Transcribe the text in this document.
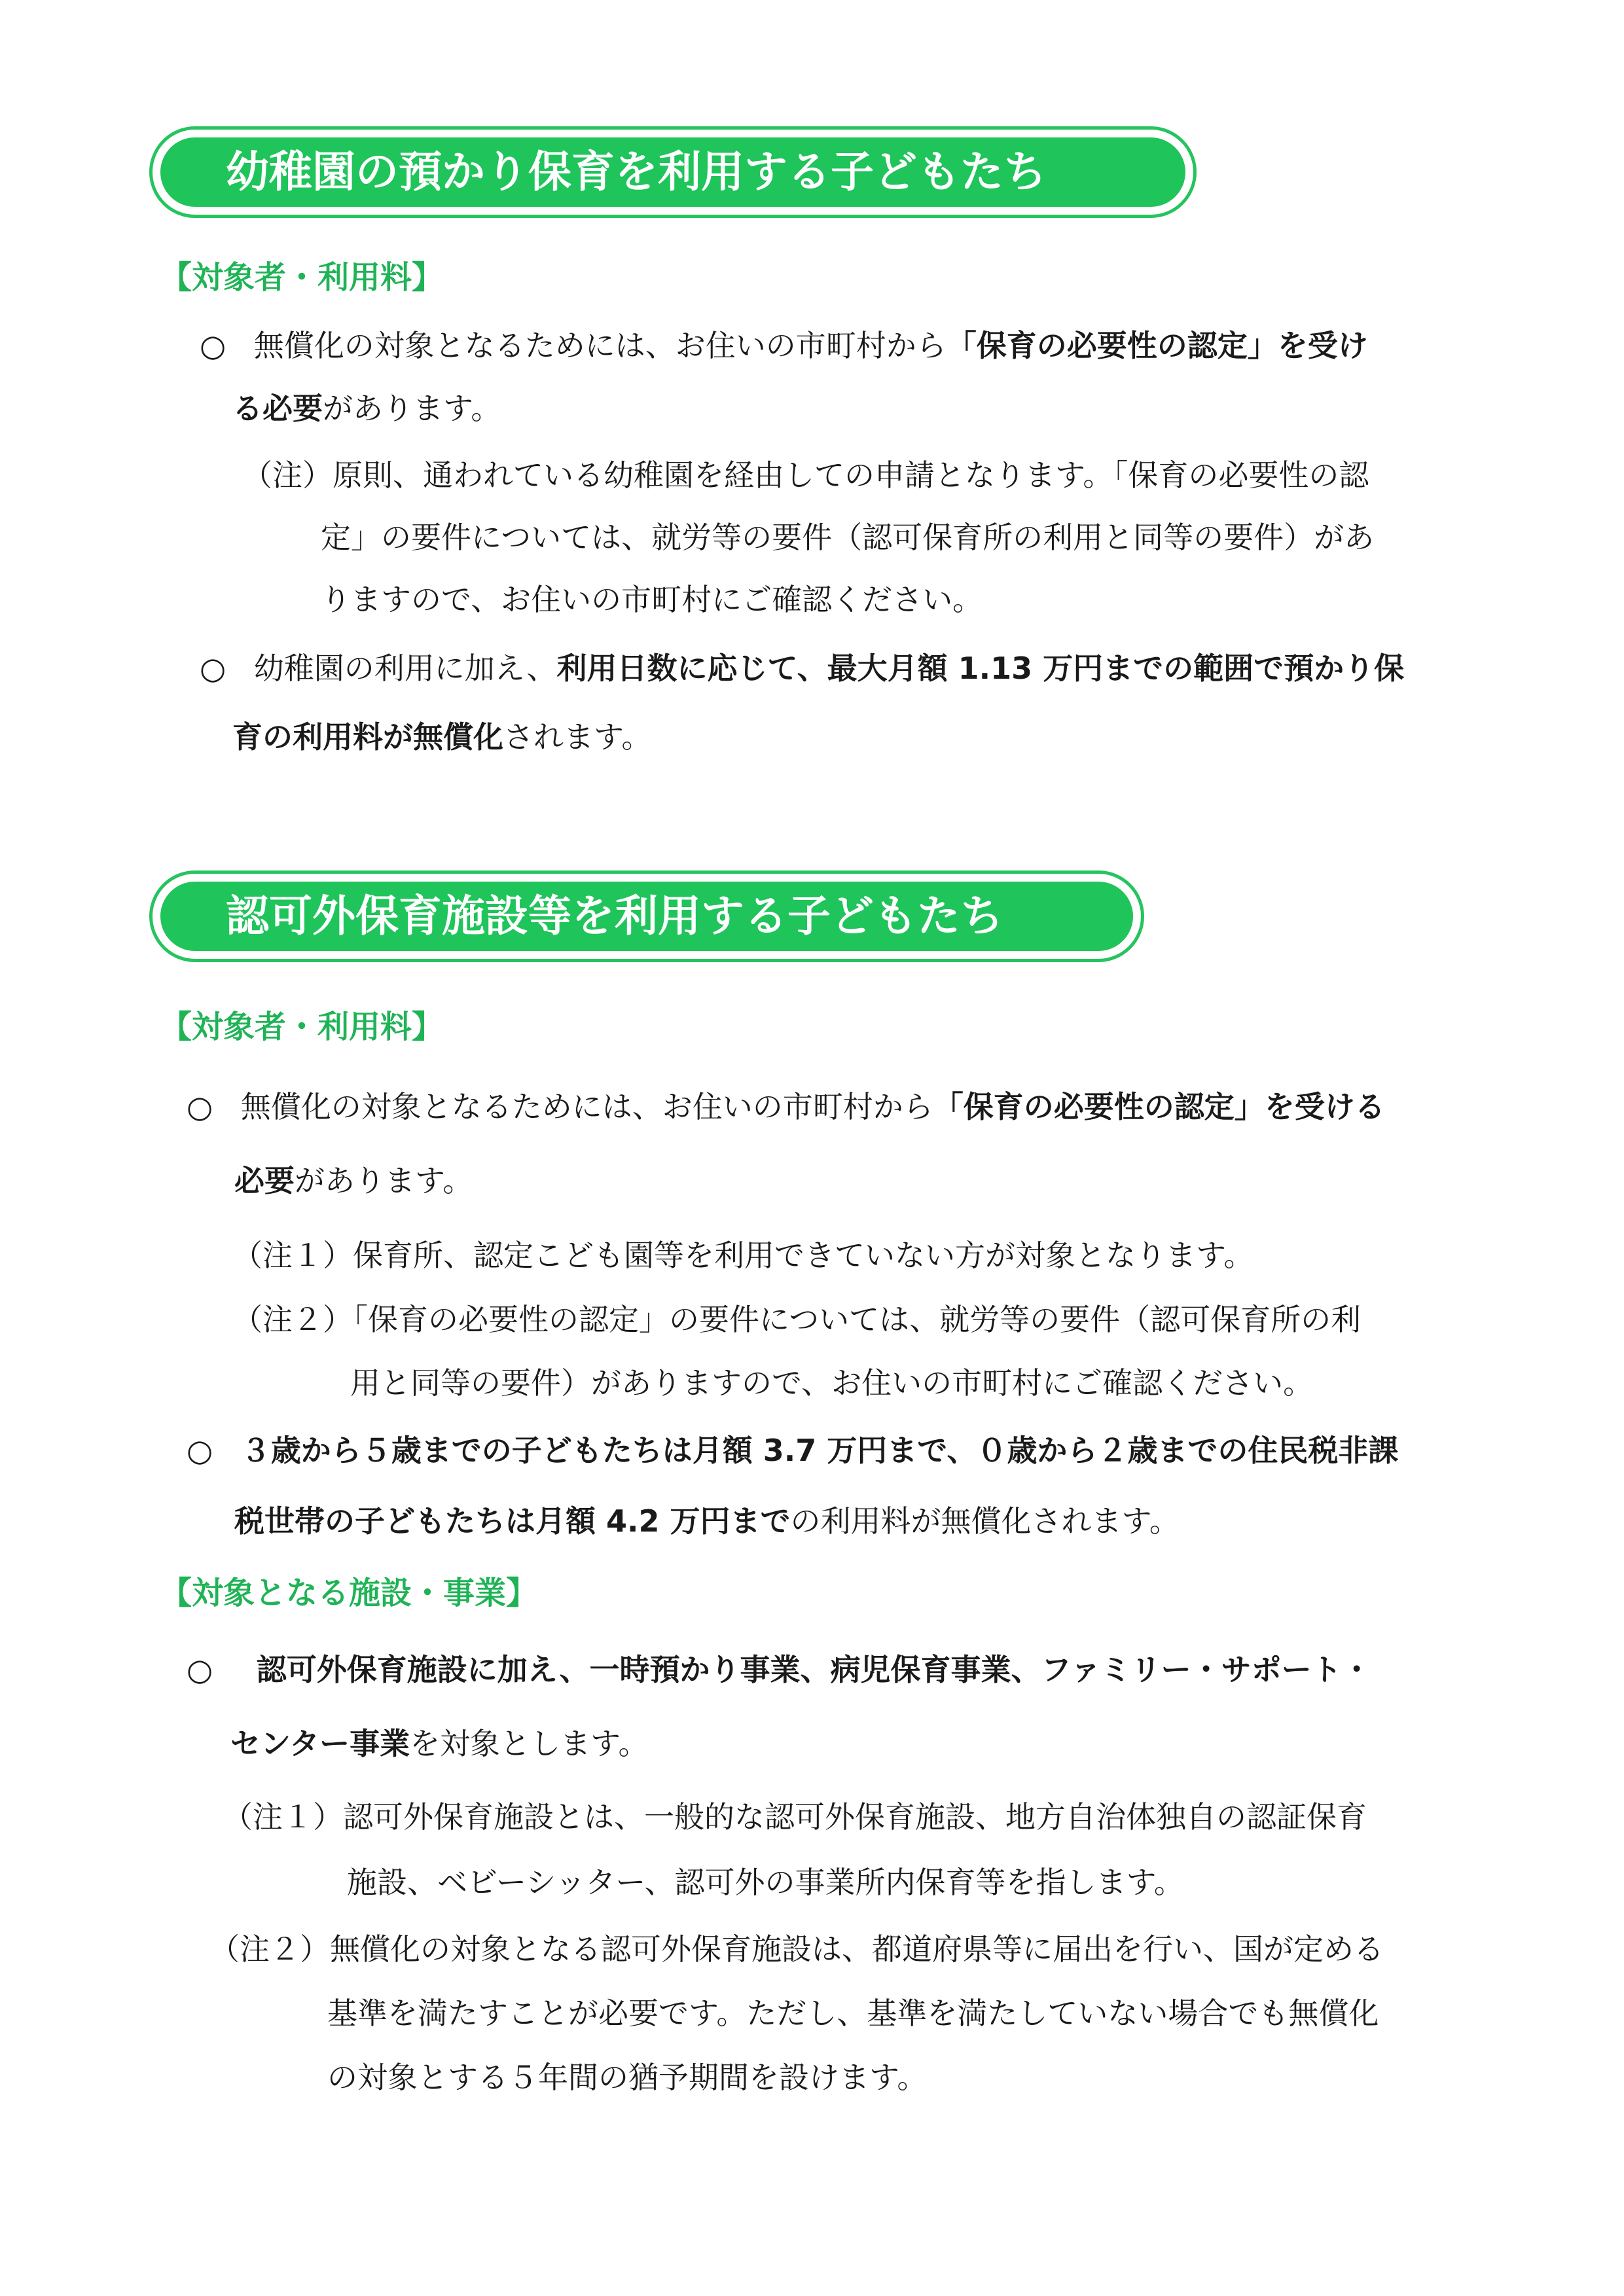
幼稚園の預かり保育を利用する子どもたち
【対象者・利用料】
○ 無償化の対象となるためには、お住いの市町村から「保育の必要性の認定」を受け
る必要があります。
（注）原則、通われている幼稚園を経由しての申請となります。「保育の必要性の認
定」の要件については、就労等の要件（認可保育所の利用と同等の要件）があ
りますので、お住いの市町村にご確認ください。
○ 幼稚園の利用に加え、利用日数に応じて、最大月額 1.13 万円までの範囲で預かり保
育の利用料が無償化されます。
認可外保育施設等を利用する子どもたち
【対象者・利用料】
○ 無償化の対象となるためには、お住いの市町村から「保育の必要性の認定」を受ける
必要があります。
（注１）保育所、認定こども園等を利用できていない方が対象となります。
（注２）「保育の必要性の認定」の要件については、就労等の要件（認可保育所の利
用と同等の要件）がありますので、お住いの市町村にご確認ください。
○ ３歳から５歳までの子どもたちは月額 3.7 万円まで、０歳から２歳までの住民税非課
税世帯の子どもたちは月額 4.2 万円までの利用料が無償化されます。
【対象となる施設・事業】
○ 認可外保育施設に加え、一時預かり事業、病児保育事業、ファミリー・サポート・
センター事業を対象とします。
（注１）認可外保育施設とは、一般的な認可外保育施設、地方自治体独自の認証保育
施設、ベビーシッター、認可外の事業所内保育等を指します。
（注２）無償化の対象となる認可外保育施設は、都道府県等に届出を行い、国が定める
基準を満たすことが必要です。ただし、基準を満たしていない場合でも無償化
の対象とする５年間の猶予期間を設けます。
